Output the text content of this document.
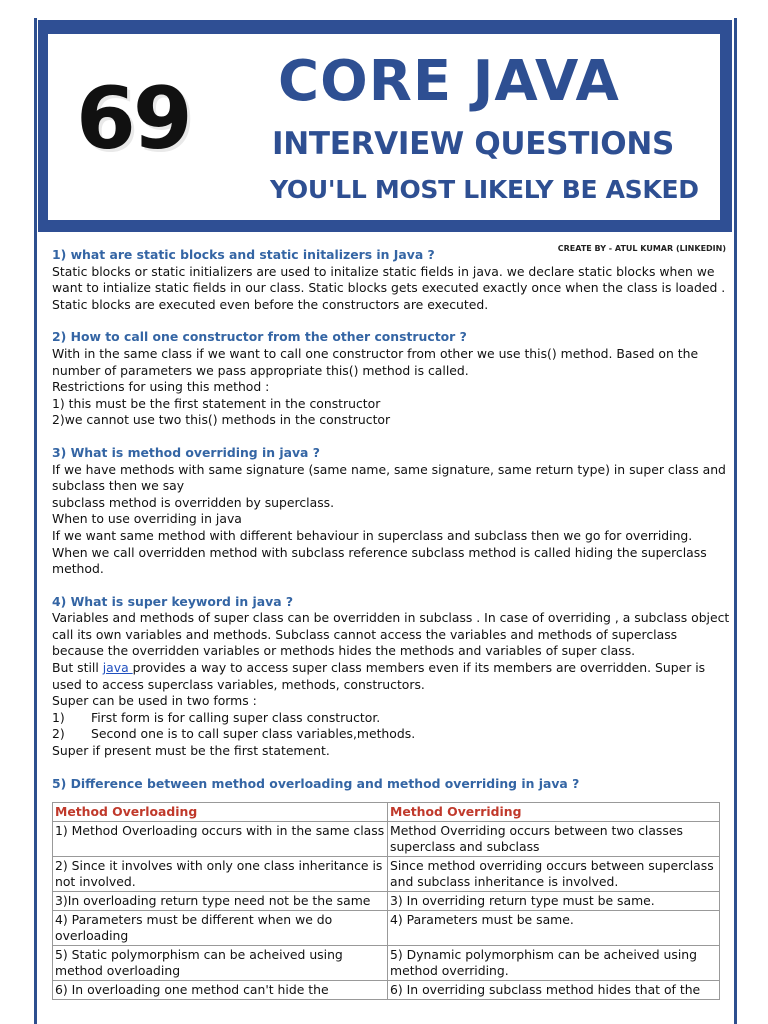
69 CORE JAVA
INTERVIEW QUESTIONS
YOU'LL MOST LIKELY BE ASKED
CREATE BY - ATUL KUMAR (LINKEDIN)

1) what are static blocks and static initalizers in Java ?

Static blocks or static initializers are used to initalize static fields in java. we declare static blocks when we want to intialize static fields in our class. Static blocks gets executed exactly once when the class is loaded . Static blocks are executed even before the constructors are executed.

2) How to call one constructor from the other constructor ?

With in the same class if we want to call one constructor from other we use this() method. Based on the number of parameters we pass appropriate this() method is called.

Restrictions for using this method :

1) this must be the first statement in the constructor

2)we cannot use two this() methods in the constructor

3) What is method overriding in java ?

If we have methods with same signature (same name, same signature, same return type) in super class and subclass then we say

subclass method is overridden by superclass.

When to use overriding in java

If we want same method with different behaviour in superclass and subclass then we go for overriding.

When we call overridden method with subclass reference subclass method is called hiding the superclass method.

4) What is super keyword in java ?

Variables and methods of super class can be overridden in subclass . In case of overriding , a subclass object call its own variables and methods. Subclass cannot access the variables and methods of superclass because the overridden variables or methods hides the methods and variables of super class.

But still java provides a way to access super class members even if its members are overridden. Super is used to access superclass variables, methods, constructors.

Super can be used in two forms :

1)	First form is for calling super class constructor.
2)	Second one is to call super class variables,methods.

Super if present must be the first statement.

5) Difference between method overloading and method overriding in java ?

Method Overloading	Method Overriding
1) Method Overloading occurs with in the same class	Method Overriding occurs between two classes superclass and subclass
2) Since it involves with only one class inheritance is not involved.	Since method overriding occurs between superclass and subclass inheritance is involved.
3)In overloading return type need not be the same	3) In overriding return type must be same.
4) Parameters must be different when we do overloading	4) Parameters must be same.
5) Static polymorphism can be acheived using method overloading	5) Dynamic polymorphism can be acheived using method overriding.
6) In overloading one method can't hide the	6) In overriding subclass method hides that of the
